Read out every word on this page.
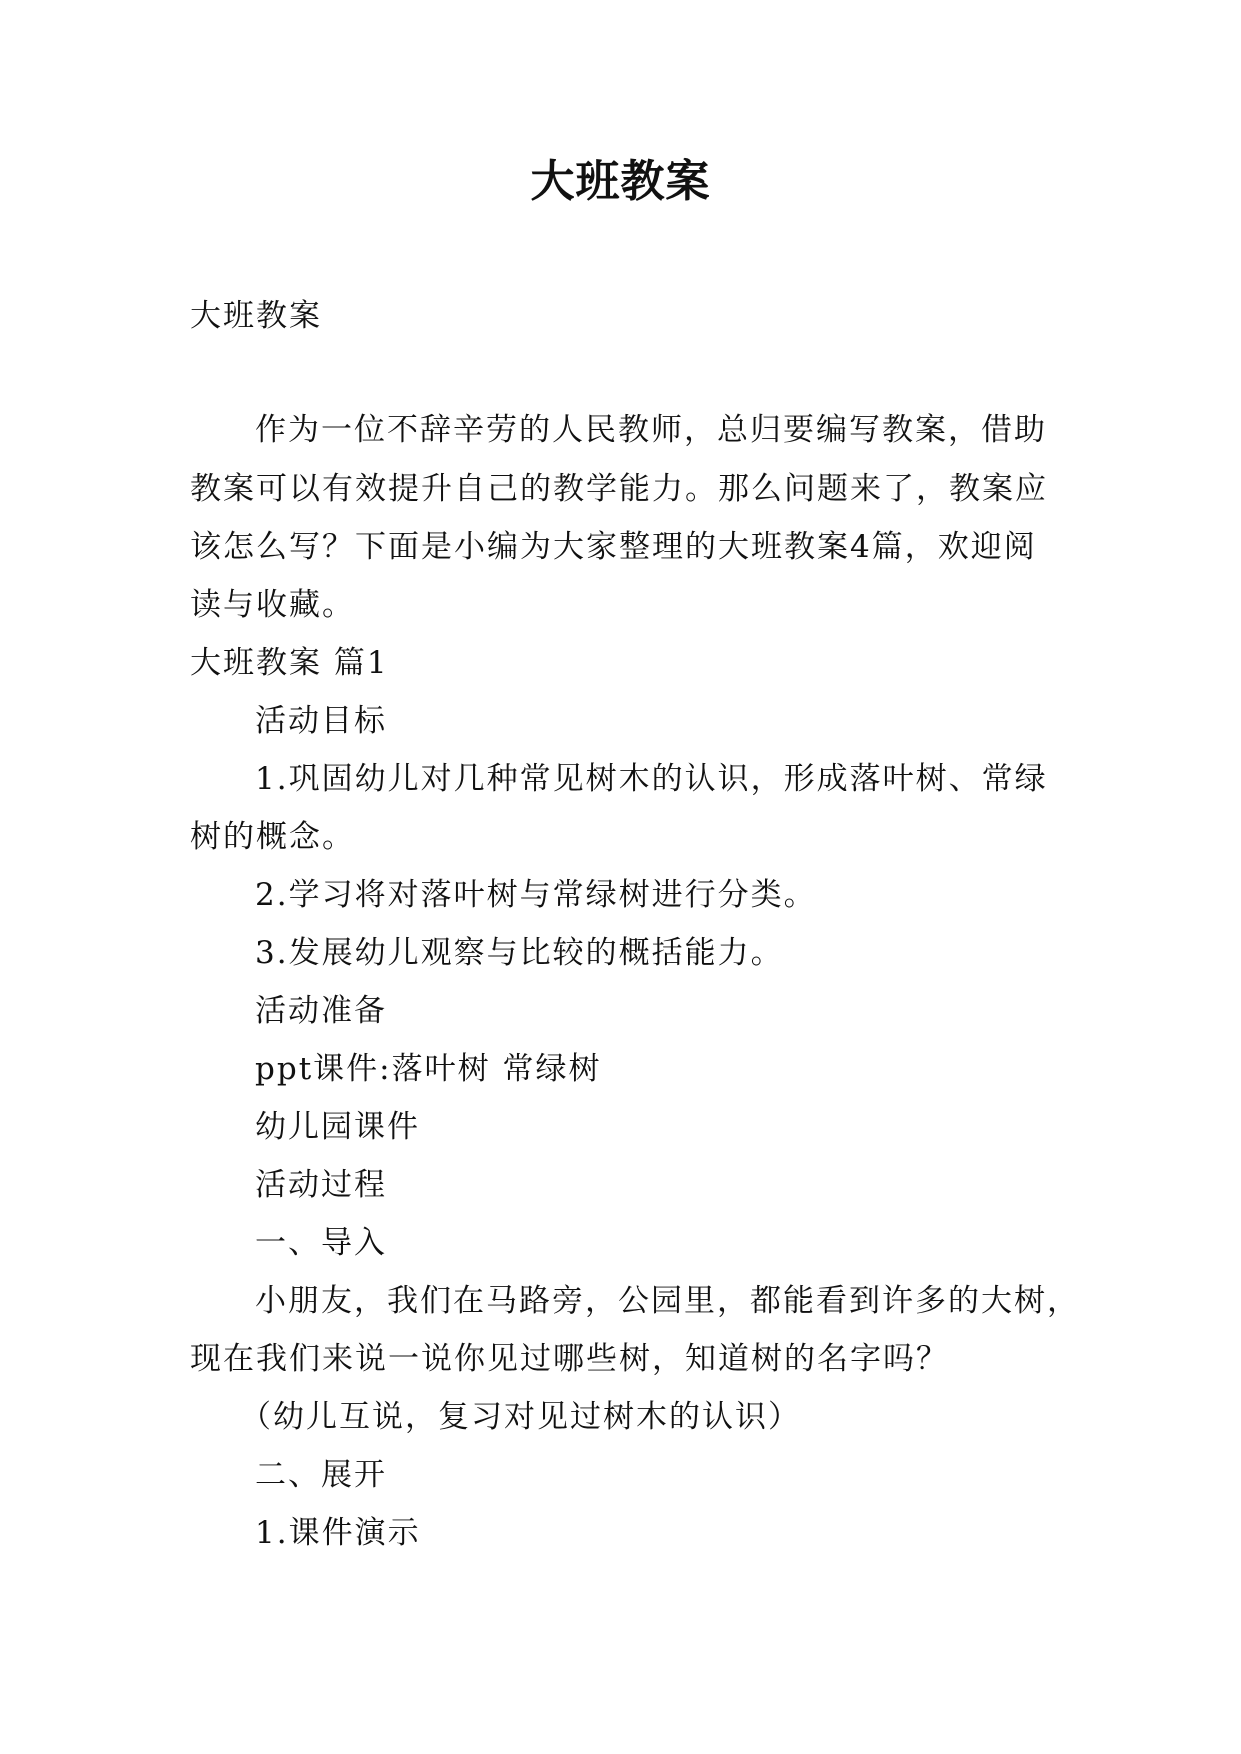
大班教案
大班教案
作为一位不辞辛劳的人民教师，总归要编写教案，借助
教案可以有效提升自己的教学能力。那么问题来了，教案应
该怎么写？下面是小编为大家整理的大班教案4篇，欢迎阅
读与收藏。
大班教案 篇1
活动目标
1.巩固幼儿对几种常见树木的认识，形成落叶树、常绿
树的概念。
2.学习将对落叶树与常绿树进行分类。
3.发展幼儿观察与比较的概括能力。
活动准备
ppt课件:落叶树 常绿树
幼儿园课件
活动过程
一、导入
小朋友，我们在马路旁，公园里，都能看到许多的大树，
现在我们来说一说你见过哪些树，知道树的名字吗？
（幼儿互说，复习对见过树木的认识）
二、展开
1.课件演示
